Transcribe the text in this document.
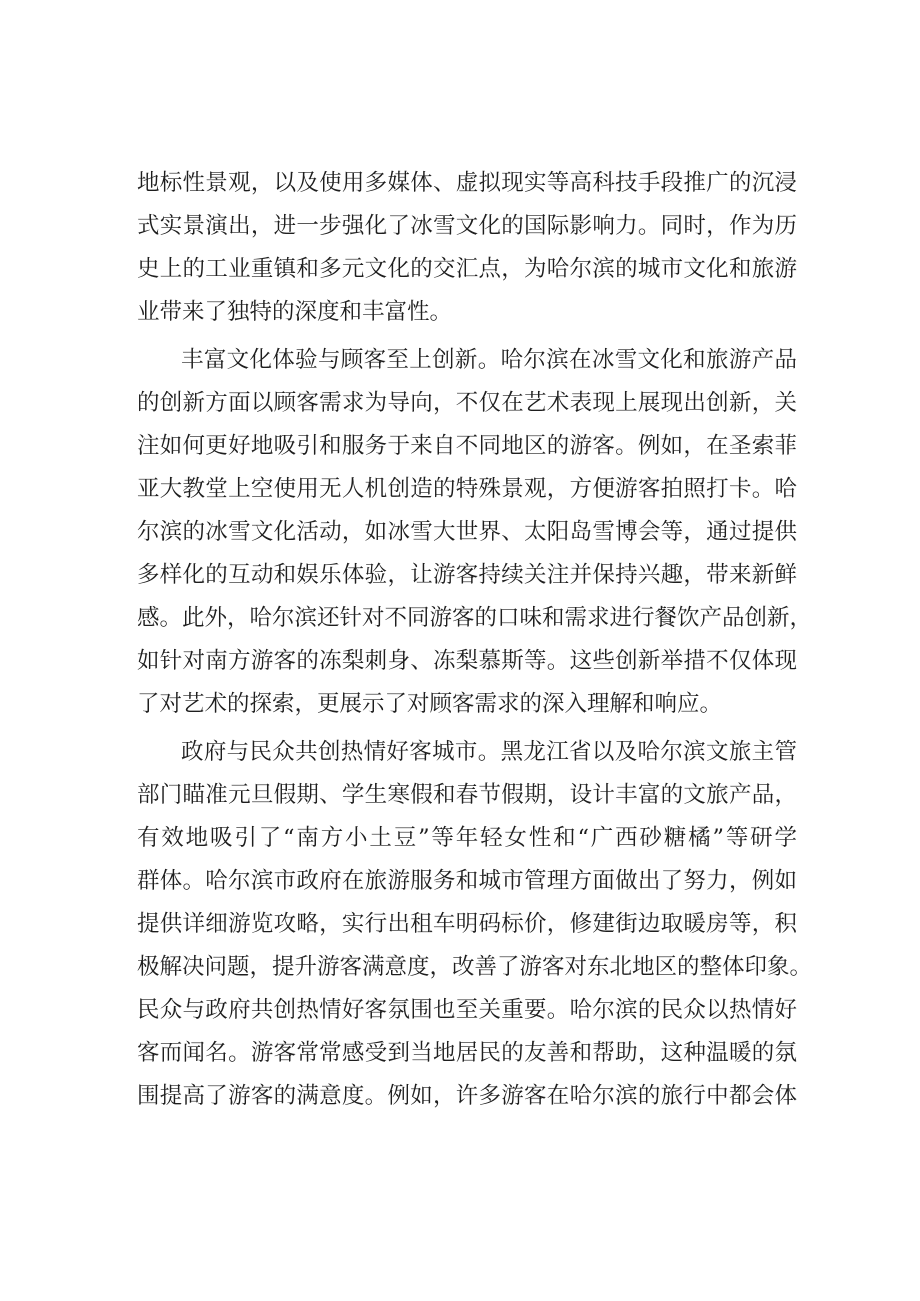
地标性景观，以及使用多媒体、虚拟现实等高科技手段推广的沉浸
式实景演出，进一步强化了冰雪文化的国际影响力。同时，作为历
史上的工业重镇和多元文化的交汇点，为哈尔滨的城市文化和旅游
业带来了独特的深度和丰富性。
丰富文化体验与顾客至上创新。哈尔滨在冰雪文化和旅游产品
的创新方面以顾客需求为导向，不仅在艺术表现上展现出创新，关
注如何更好地吸引和服务于来自不同地区的游客。例如，在圣索菲
亚大教堂上空使用无人机创造的特殊景观，方便游客拍照打卡。哈
尔滨的冰雪文化活动，如冰雪大世界、太阳岛雪博会等，通过提供
多样化的互动和娱乐体验，让游客持续关注并保持兴趣，带来新鲜
感。此外，哈尔滨还针对不同游客的口味和需求进行餐饮产品创新，
如针对南方游客的冻梨刺身、冻梨慕斯等。这些创新举措不仅体现
了对艺术的探索，更展示了对顾客需求的深入理解和响应。
政府与民众共创热情好客城市。黑龙江省以及哈尔滨文旅主管
部门瞄准元旦假期、学生寒假和春节假期，设计丰富的文旅产品，
有效地吸引了“南方小土豆”等年轻女性和“广西砂糖橘”等研学
群体。哈尔滨市政府在旅游服务和城市管理方面做出了努力，例如
提供详细游览攻略，实行出租车明码标价，修建街边取暖房等，积
极解决问题，提升游客满意度，改善了游客对东北地区的整体印象。
民众与政府共创热情好客氛围也至关重要。哈尔滨的民众以热情好
客而闻名。游客常常感受到当地居民的友善和帮助，这种温暖的氛
围提高了游客的满意度。例如，许多游客在哈尔滨的旅行中都会体
